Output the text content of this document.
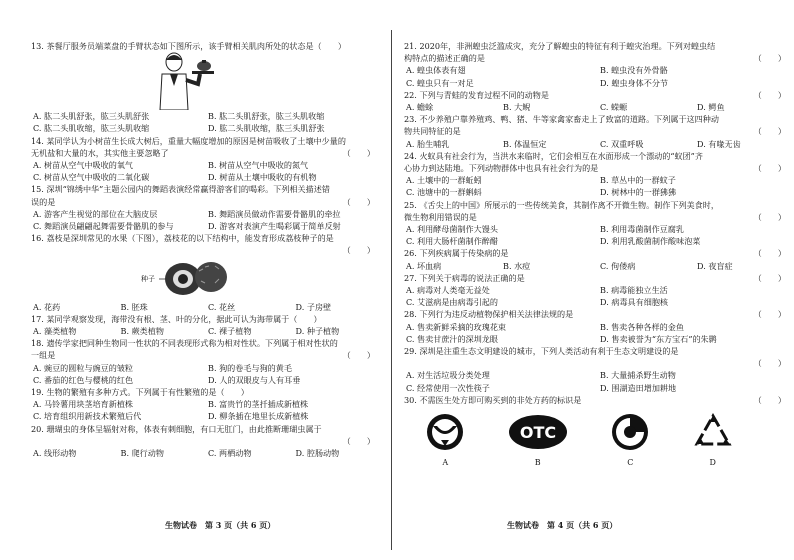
13. 茶餐厅服务员端菜盘的手臂状态如下图所示，该手臂相关肌肉所处的状态是（　　）

A. 肱二头肌舒张，肱三头肌舒张	B. 肱二头肌舒张，肱三头肌收缩
C. 肱二头肌收缩，肱三头肌收缩	D. 肱二头肌收缩，肱三头肌舒张

14. 某同学认为小树苗生长成大树后，重量大幅度增加的原因是树苗吸收了土壤中少量的

无机盐和大量的水，其实他主要忽略了	（　　）

A. 树苗从空气中吸收的氧气	B. 树苗从空气中吸收的氮气
C. 树苗从空气中吸收的二氧化碳	D. 树苗从土壤中吸收的有机物

15. 深圳“锦绣中华”主题公园内的舞蹈表演经常赢得游客们的喝彩。下列相关描述错

误的是	（　　）

A. 游客产生视觉的部位在大脑皮层	B. 舞蹈演员做动作需要骨骼肌的牵拉
C. 舞蹈演员翩翩起舞需要骨骼肌的参与	D. 游客对表演产生喝彩属于简单反射

16. 荔枝是深圳常见的水果（下图），荔枝花的以下结构中，能发育形成荔枝种子的是

（　　）

种子
A. 花药	B. 胚珠	C. 花丝	D. 子房壁

17. 某同学观察发现，海带没有根、茎、叶的分化，据此可认为海带属于（　　）

A. 藻类植物	B. 蕨类植物	C. 裸子植物	D. 种子植物

18. 遗传学家把同种生物同一性状的不同表现形式称为相对性状。下列属于相对性状的

一组是	（　　）

A. 豌豆的圆粒与豌豆的皱粒	B. 狗的卷毛与狗的黄毛
C. 番茄的红色与樱桃的红色	D. 人的双眼皮与人有耳垂

19. 生物的繁殖有多种方式。下列属于有性繁殖的是（　　）

A. 马铃薯用块茎培育新植株	B. 富贵竹的茎扦插成新植株
C. 培育组织用新技术繁殖后代	D. 柳条插在地里长成新植株

20. 珊瑚虫的身体呈辐射对称，体表有刺细胞，有口无肛门，由此推断珊瑚虫属于

（　　）

A. 线形动物	B. 爬行动物	C. 两栖动物	D. 腔肠动物
生物试卷　第 3 页（共 6 页）

21. 2020年，非洲蝗虫泛滥成灾，充分了解蝗虫的特征有利于蝗灾治理。下列对蝗虫结

构特点的描述正确的是	（　　）

A. 蝗虫体表有翅	B. 蝗虫没有外骨骼
C. 蝗虫只有一对足	D. 蝗虫身体不分节

22. 下列与青蛙的发育过程不同的动物是	（　　）

A. 蟾蜍	B. 大鲵	C. 蝾螈	D. 鳄鱼

23. 不少养殖户靠养殖鸡、鸭、猪、牛等家禽家畜走上了致富的道路。下列属于这四种动

物共同特征的是	（　　）

A. 胎生哺乳	B. 体温恒定	C. 双重呼吸	D. 有喙无齿

24. 火蚁具有社会行为，当洪水来临时，它们会相互在水面形成一个漂动的“蚁团”齐

心协力到达陆地。下列动物群体中也具有社会行为的是	（　　）

A. 土壤中的一群蚯蚓	B. 草丛中的一群蚊子
C. 池塘中的一群蝌蚪	D. 树林中的一群狒狒

25. 《舌尖上的中国》所展示的一些传统美食，其制作离不开微生物。制作下列美食时，

微生物利用错误的是	（　　）

A. 利用酵母菌制作大馒头	B. 利用毒菌制作豆腐乳
C. 利用大肠杆菌制作醉醋	D. 利用乳酸菌制作酸味泡菜

26. 下列疾病属于传染病的是	（　　）

A. 坏血病	B. 水痘	C. 佝偻病	D. 夜盲症

27. 下列关于病毒的说法正确的是	（　　）

A. 病毒对人类毫无益处	B. 病毒能独立生活
C. 艾滋病是由病毒引起的	D. 病毒具有细胞核

28. 下列行为违反动植物保护相关法律法规的是	（　　）

A. 售卖新鲜采摘的玫瑰花束	B. 售卖各种各样的金鱼
C. 售卖甘蔗汁的深圳龙眼	D. 售卖被誉为“东方宝石”的朱鹮

29. 深圳是注重生态文明建设的城市，下列人类活动有利于生态文明建设的是

（　　）

A. 对生活垃圾分类处理	B. 大量捕杀野生动物
C. 经常使用一次性筷子	D. 围湖造田增加耕地

30. 不需医生处方即可购买到的非处方药的标识是	（　　）

A
OTC
B	C	D
生物试卷　第 4 页（共 6 页）
